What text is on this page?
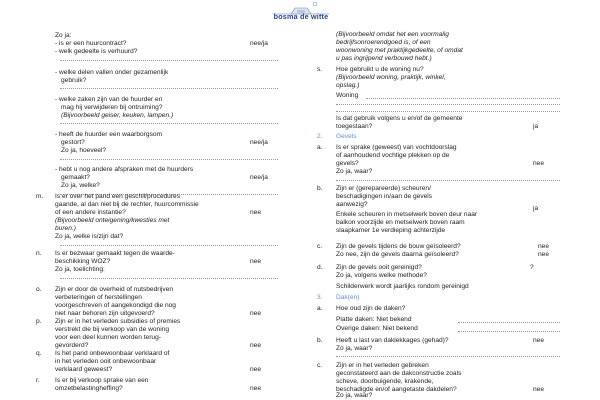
bosma de witte
Zo ja:
- is er een huurcontract?	nee/ja
- welk gedeelte is verhuurd?
- welke delen vallen onder gezamenlijk
gebruik?
- welke zaken zijn van de huurder en
mag hij verwijderen bij ontruiming?
(Bijvoorbeeld geiser, keuken, lampen.)
- heeft de huurder een waarborgsom
gestort?	nee/ja
Zo ja, hoeveel?
- hebt u nog andere afspraken met de huurders
gemaakt?	nee/ja
Zo ja, welke?
m. Is er over het pand een geschil/procedures
gaande, al dan niet bij de rechter, huurcommissie
of een andere instantie?	nee
(Bijvoorbeeld onteigening/kwesties met
buren.)
Zo ja, welke is/zijn dat?
n. Is er bezwaar gemaakt tegen de waarde-
beschikking WOZ?	nee
Zo ja, toelichting:
o. Zijn er door de overheid of nutsbedrijven
verbeteringen of herstellingen
voorgeschreven of aangekondigd die nog
niet naar behoren zijn uitgevoerd?	nee
p. Zijn er in het verleden subsidies of premies
verstrekt die bij verkoop van de woning
voor een deel kunnen worden terug-
gevorderd?	nee
q. Is het pand onbewoonbaar verklaard of
in het verleden ooit onbewoonbaar
verklaard geweest?	nee
r. Is er bij verkoop sprake van een
omzetbelastingheffing?	nee
(Bijvoorbeeld omdat het een voormalig
bedrijfsonroerendgoed is, of een
woonwoning met praktijkgedeelte, of omdat
u pas ingrijpend verbouwd hebt.)
s. Hoe gebruikt u de woning nu?
(Bijvoorbeeld woning, praktijk, winkel,
opslag.)
Woning
Is dat gebruik volgens u en/of de gemeente
toegestaan?	ja
2. Gevels
a. Is er sprake (geweest) van vochtdoorslag
of aanhoudend vochtige plekken op de
gevels?	nee
Zo ja, waar?
b. Zijn er (gerepareerde) scheuren/
beschadigingen in/aan de gevels
aanwezig?
ja
Enkele scheuren in metselwerk boven deur naar
balkon voorzijde en metselwerk boven raam
slaapkamer 1e verdieping achterzijde
c. Zijn de gevels tijdens de bouw geïsoleerd?	nee
Zo nee, zijn de gevels daarna geïsoleerd?	nee
d. Zijn de gevels ooit gereinigd?	?
Zo ja, volgens welke methode?
Schilderwerk wordt jaarlijks rondom gereinigd
3. Dak(en)
a. Hoe oud zijn de daken?
Platte daken: Niet bekend
Overige daken: Niet bekend
b. Heeft u last van daklekkages (gehad)?	nee
Zo ja, waar?
c. Zijn er in het verleden gebreken
geconstateerd aan de dakconstructie zoals
scheve, doorbuigende, krakende,
beschadigde en/of aangetaste dakdelen?	nee
Zo ja, waar?
